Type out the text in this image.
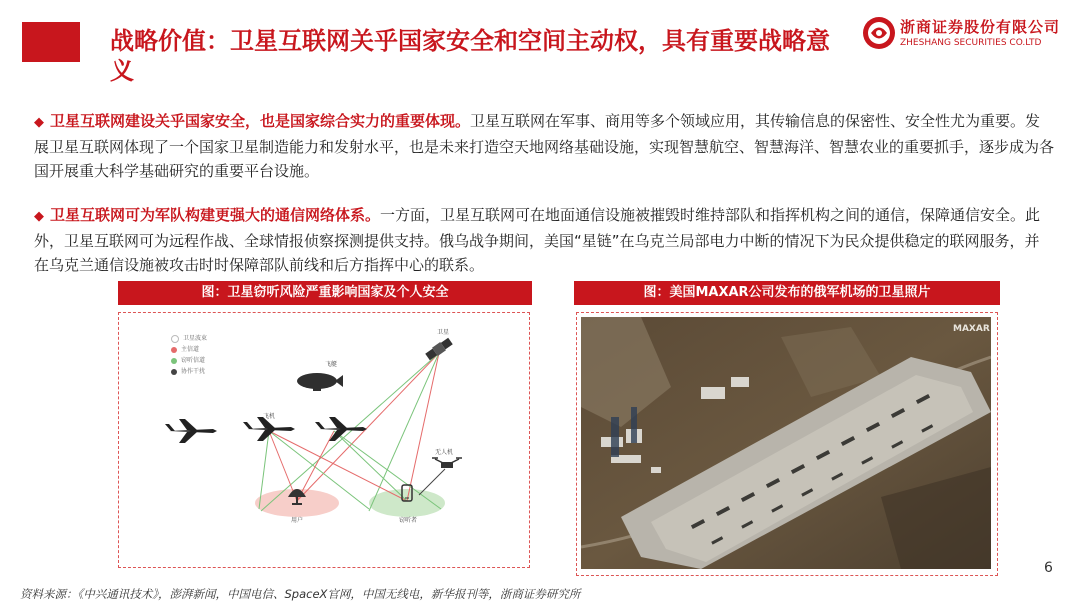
战略价值：卫星互联网关乎国家安全和空间主动权，具有重要战略意义
浙商证券股份有限公司
ZHESHANG SECURITIES CO.LTD
◆ 卫星互联网建设关乎国家安全，也是国家综合实力的重要体现。卫星互联网在军事、商用等多个领域应用，其传输信息的保密性、安全性尤为重要。发展卫星互联网体现了一个国家卫星制造能力和发射水平，也是未来打造空天地网络基础设施，实现智慧航空、智慧海洋、智慧农业的重要抓手，逐步成为各国开展重大科学基础研究的重要平台设施。
◆ 卫星互联网可为军队构建更强大的通信网络体系。一方面，卫星互联网可在地面通信设施被摧毁时维持部队和指挥机构之间的通信，保障通信安全。此外，卫星互联网可为远程作战、全球情报侦察探测提供支持。俄乌战争期间，美国“星链”在乌克兰局部电力中断的情况下为民众提供稳定的联网服务，并在乌克兰通信设施被攻击时时保障部队前线和后方指挥中心的联系。
图：卫星窃听风险严重影响国家及个人安全	图：美国MAXAR公司发布的俄军机场的卫星照片
卫星波束
主信道
窃听信道
协作干扰
卫星
飞艇
飞机
无人机
用户	窃听者
MAXAR
6
资料来源：《中兴通讯技术》，澎湃新闻，中国电信、SpaceX官网，中国无线电，新华报刊等，浙商证券研究所
